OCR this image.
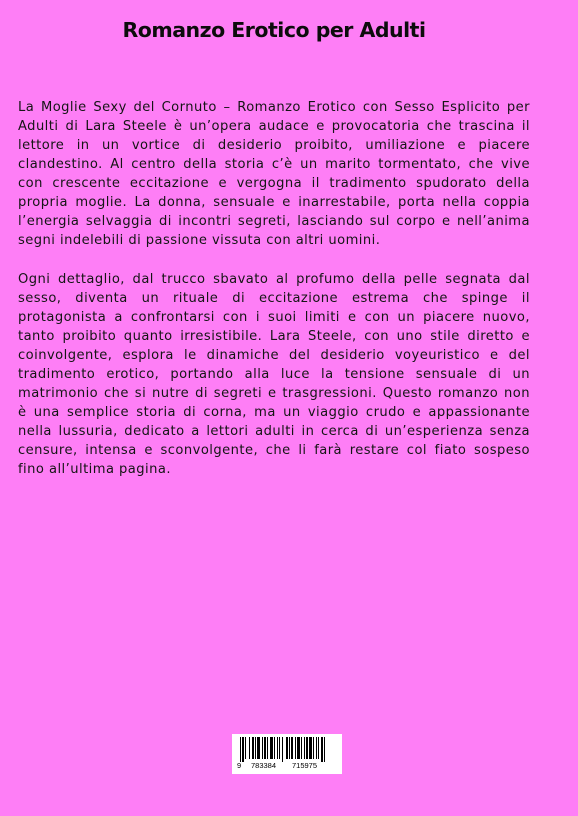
Romanzo Erotico per Adulti

La Moglie Sexy del Cornuto – Romanzo Erotico con Sesso Esplicito per Adulti di Lara Steele è un’opera audace e provocatoria che trascina il lettore in un vortice di desiderio proibito, umiliazione e piacere clandestino. Al centro della storia c’è un marito tormentato, che vive con crescente eccitazione e vergogna il tradimento spudorato della propria moglie. La donna, sensuale e inarrestabile, porta nella coppia l’energia selvaggia di incontri segreti, lasciando sul corpo e nell’anima segni indelebili di passione vissuta con altri uomini.

Ogni dettaglio, dal trucco sbavato al profumo della pelle segnata dal sesso, diventa un rituale di eccitazione estrema che spinge il protagonista a confrontarsi con i suoi limiti e con un piacere nuovo, tanto proibito quanto irresistibile. Lara Steele, con uno stile diretto e coinvolgente, esplora le dinamiche del desiderio voyeuristico e del tradimento erotico, portando alla luce la tensione sensuale di un matrimonio che si nutre di segreti e trasgressioni. Questo romanzo non è una semplice storia di corna, ma un viaggio crudo e appassionante nella lussuria, dedicato a lettori adulti in cerca di un’esperienza senza censure, intensa e sconvolgente, che li farà restare col fiato sospeso fino all’ultima pagina.

9 783384 715975
